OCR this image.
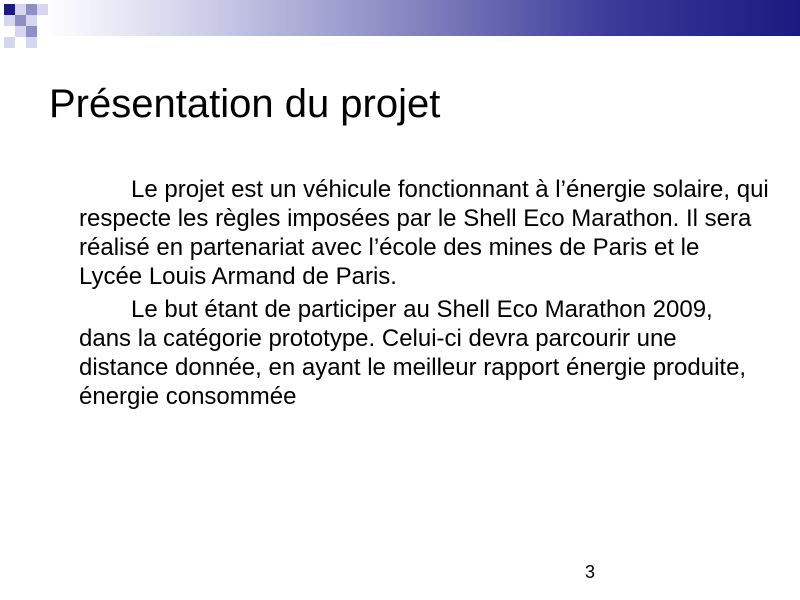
Présentation du projet

Le projet est un véhicule fonctionnant à l’énergie solaire, qui respecte les règles imposées par le Shell Eco Marathon. Il sera réalisé en partenariat avec l’école des mines de Paris et le Lycée Louis Armand de Paris.

Le but étant de participer au Shell Eco Marathon 2009, dans la catégorie prototype. Celui-ci devra parcourir une distance donnée, en ayant le meilleur rapport énergie produite, énergie consommée

3
